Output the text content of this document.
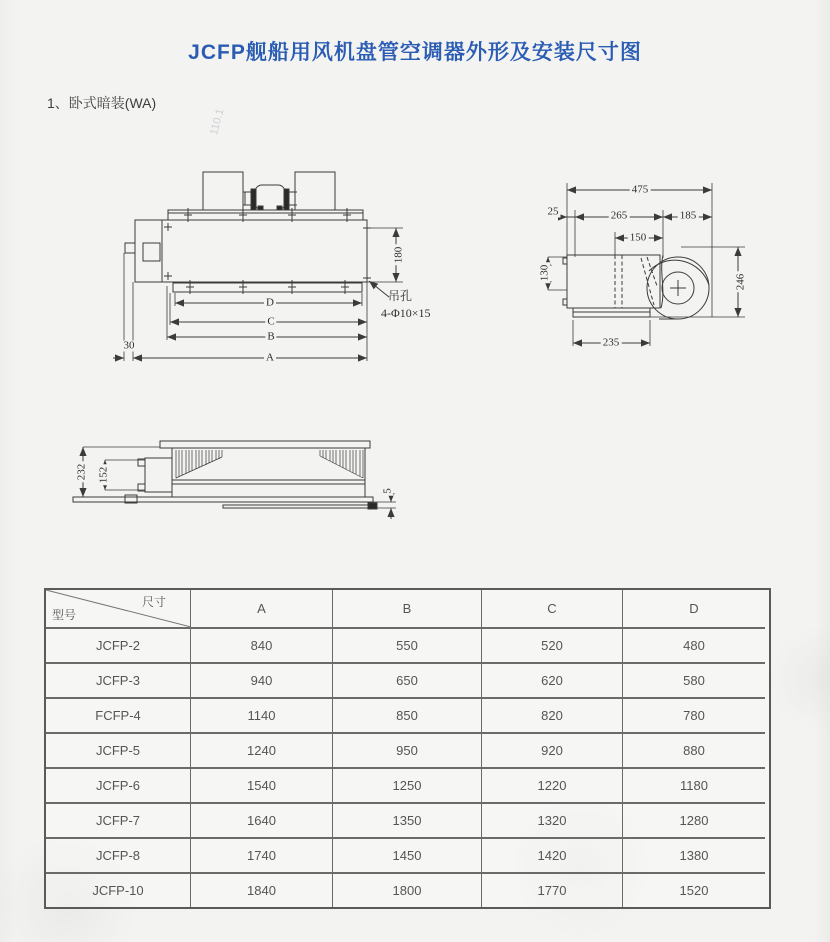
JCFP舰船用风机盘管空调器外形及安装尺寸图
1、卧式暗装(WA)
110.1
D
C
B
A
30
180
吊孔
4-Φ10×15
475
25	265	185
150
130
246
235
232 152
5
尺寸
型号	A	B	C	D
JCFP-2	840	550	520	480
JCFP-3	940	650	620	580
FCFP-4	1140	850	820	780
JCFP-5	1240	950	920	880
JCFP-6	1540	1250	1220	1180
JCFP-7	1640	1350	1320	1280
JCFP-8	1740	1450	1420	1380
JCFP-10	1840	1800	1770	1520
